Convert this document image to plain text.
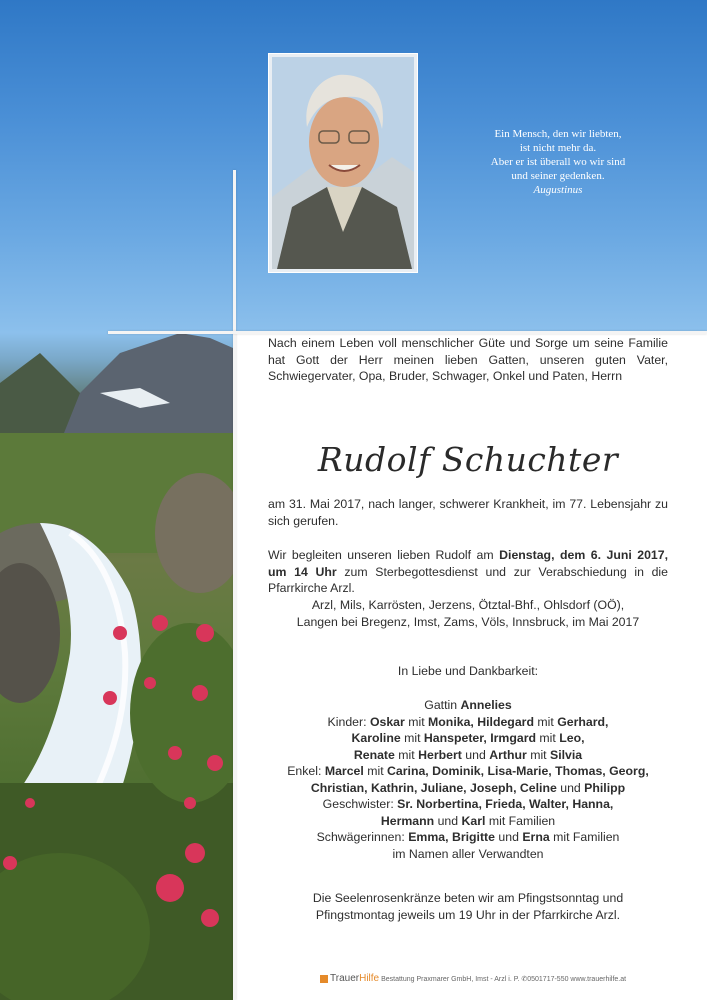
Ein Mensch, den wir liebten,
ist nicht mehr da.
Aber er ist überall wo wir sind
und seiner gedenken.
Augustinus

Nach einem Leben voll menschlicher Güte und Sorge um seine Familie hat Gott der Herr meinen lieben Gatten, unseren guten Vater, Schwiegervater, Opa, Bruder, Schwager, Onkel und Paten, Herrn

am 31. Mai 2017, nach langer, schwerer Krankheit, im 77. Lebensjahr zu sich gerufen.

Wir begleiten unseren lieben Rudolf am Dienstag, dem 6. Juni 2017, um 14 Uhr zum Sterbegottesdienst und zur Verabschiedung in die Pfarrkirche Arzl.

Arzl, Mils, Karrösten, Jerzens, Ötztal-Bhf., Ohlsdorf (OÖ),

Langen bei Bregenz, Imst, Zams, Völs, Innsbruck, im Mai 2017

In Liebe und Dankbarkeit:

Gattin Annelies

Kinder: Oskar mit Monika, Hildegard mit Gerhard,

Karoline mit Hanspeter, Irmgard mit Leo,

Renate mit Herbert und Arthur mit Silvia

Enkel: Marcel mit Carina, Dominik, Lisa-Marie, Thomas, Georg,

Christian, Kathrin, Juliane, Joseph, Celine und Philipp

Geschwister: Sr. Norbertina, Frieda, Walter, Hanna,

Hermann und Karl mit Familien

Schwägerinnen: Emma, Brigitte und Erna mit Familien

im Namen aller Verwandten

Die Seelenrosenkränze beten wir am Pfingstsonntag und

Pfingstmontag jeweils um 19 Uhr in der Pfarrkirche Arzl.

Rudolf Schuchter
TrauerHilfe Bestattung Praxmarer GmbH, Imst - Arzl i. P. ✆0501717-550 www.trauerhilfe.at
